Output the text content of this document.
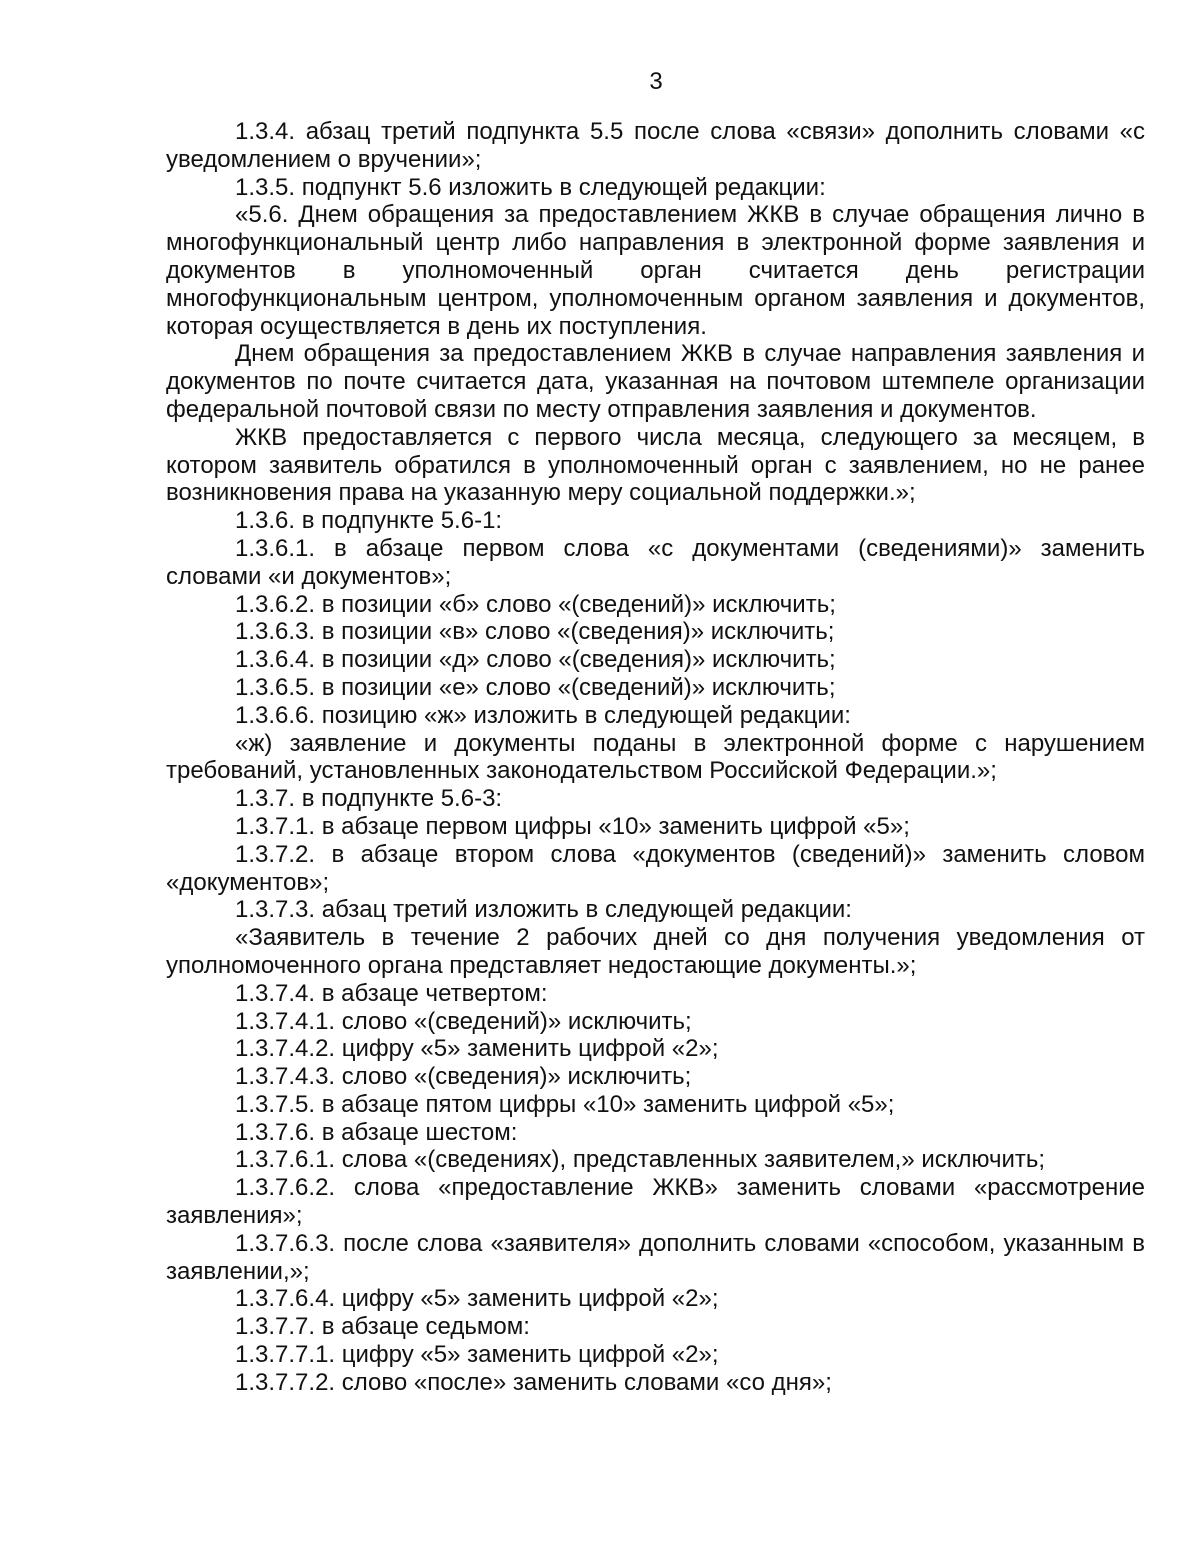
3

1.3.4. абзац третий подпункта 5.5 после слова «связи» дополнить словами «с уведомлением о вручении»;

1.3.5. подпункт 5.6 изложить в следующей редакции:

«5.6. Днем обращения за предоставлением ЖКВ в случае обращения лично в многофункциональный центр либо направления в электронной форме заявления и документов в уполномоченный орган считается день регистрации многофункциональным центром, уполномоченным органом заявления и документов, которая осуществляется в день их поступления.

Днем обращения за предоставлением ЖКВ в случае направления заявления и документов по почте считается дата, указанная на почтовом штемпеле организации федеральной почтовой связи по месту отправления заявления и документов.

ЖКВ предоставляется с первого числа месяца, следующего за месяцем, в котором заявитель обратился в уполномоченный орган с заявлением, но не ранее возникновения права на указанную меру социальной поддержки.»;

1.3.6. в подпункте 5.6-1:

1.3.6.1. в абзаце первом слова «с документами (сведениями)» заменить словами «и документов»;

1.3.6.2. в позиции «б» слово «(сведений)» исключить;

1.3.6.3. в позиции «в» слово «(сведения)» исключить;

1.3.6.4. в позиции «д» слово «(сведения)» исключить;

1.3.6.5. в позиции «е» слово «(сведений)» исключить;

1.3.6.6. позицию «ж» изложить в следующей редакции:

«ж) заявление и документы поданы в электронной форме с нарушением требований, установленных законодательством Российской Федерации.»;

1.3.7. в подпункте 5.6-3:

1.3.7.1. в абзаце первом цифры «10» заменить цифрой «5»;

1.3.7.2. в абзаце втором слова «документов (сведений)» заменить словом «документов»;

1.3.7.3. абзац третий изложить в следующей редакции:

«Заявитель в течение 2 рабочих дней со дня получения уведомления от уполномоченного органа представляет недостающие документы.»;

1.3.7.4. в абзаце четвертом:

1.3.7.4.1. слово «(сведений)» исключить;

1.3.7.4.2. цифру «5» заменить цифрой «2»;

1.3.7.4.3. слово «(сведения)» исключить;

1.3.7.5. в абзаце пятом цифры «10» заменить цифрой «5»;

1.3.7.6. в абзаце шестом:

1.3.7.6.1. слова «(сведениях), представленных заявителем,» исключить;

1.3.7.6.2. слова «предоставление ЖКВ» заменить словами «рассмотрение заявления»;

1.3.7.6.3. после слова «заявителя» дополнить словами «способом, указанным в заявлении,»;

1.3.7.6.4. цифру «5» заменить цифрой «2»;

1.3.7.7. в абзаце седьмом:

1.3.7.7.1. цифру «5» заменить цифрой «2»;

1.3.7.7.2. слово «после» заменить словами «со дня»;
